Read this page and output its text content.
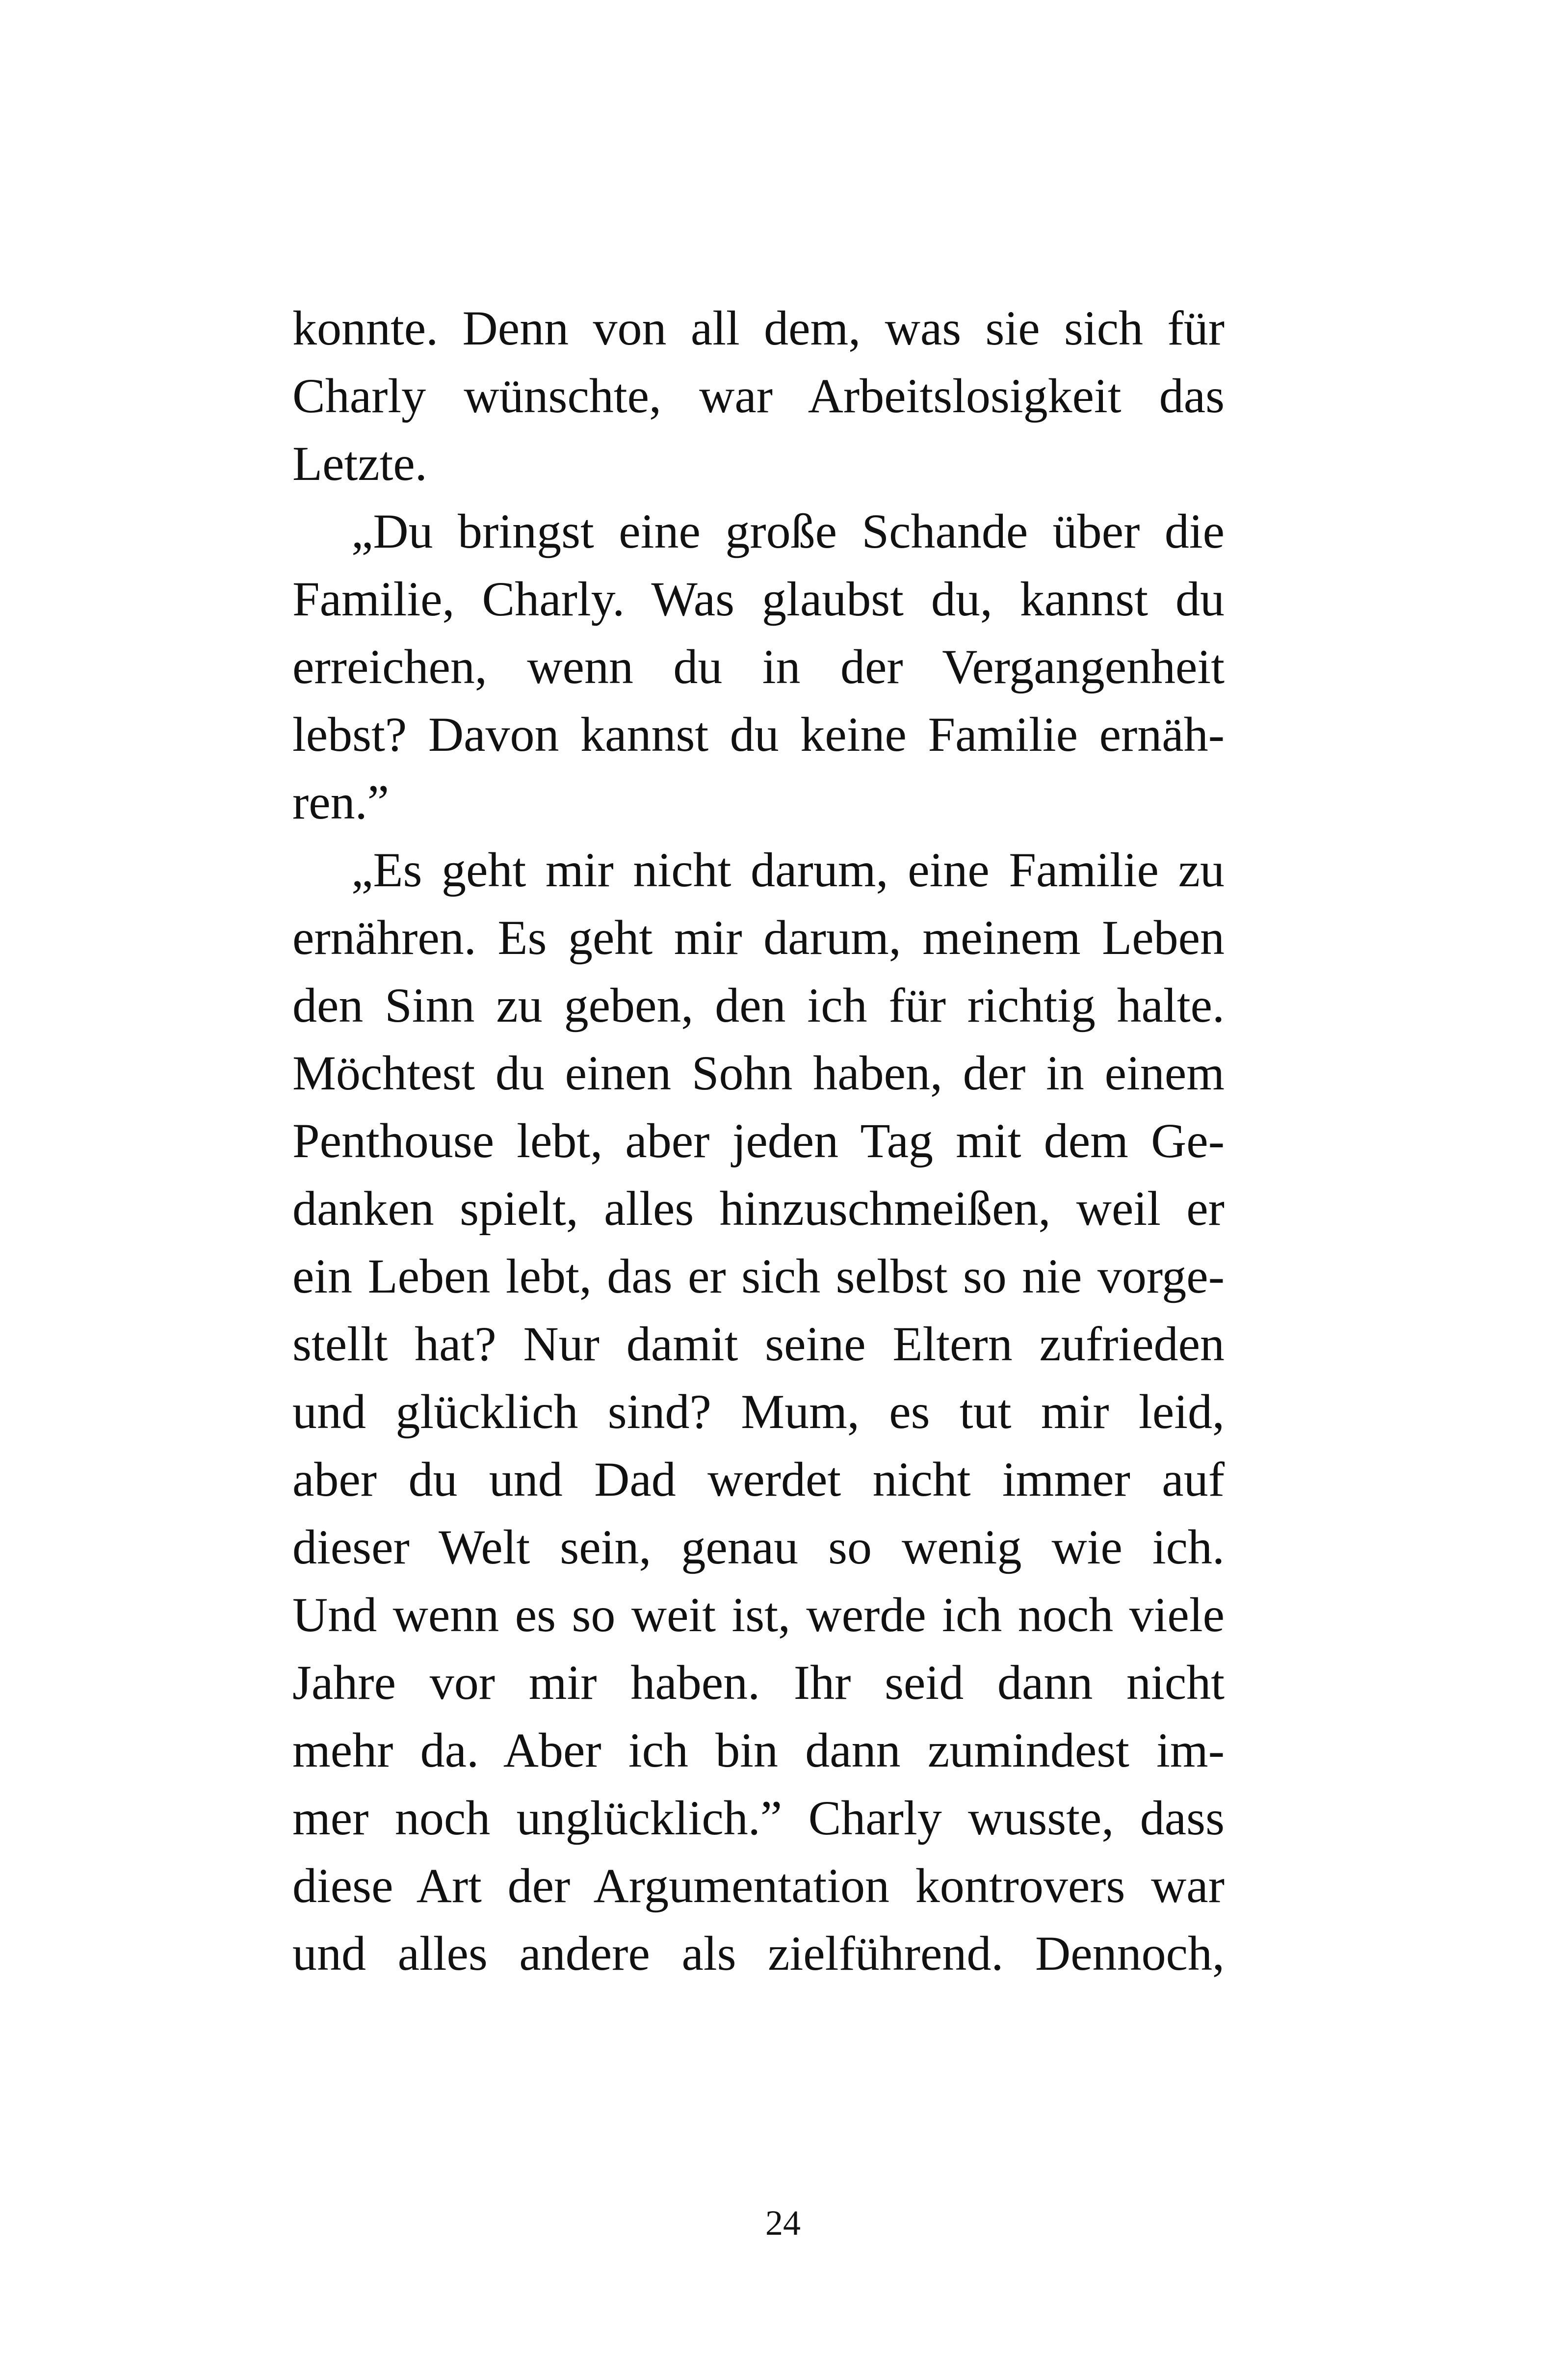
konnte. Denn von all dem, was sie sich für
Charly wünschte, war Arbeitslosigkeit das
Letzte.
„Du bringst eine große Schande über die
Familie, Charly. Was glaubst du, kannst du
erreichen, wenn du in der Vergangenheit
lebst? Davon kannst du keine Familie ernäh-
ren.”
„Es geht mir nicht darum, eine Familie zu
ernähren. Es geht mir darum, meinem Leben
den Sinn zu geben, den ich für richtig halte.
Möchtest du einen Sohn haben, der in einem
Penthouse lebt, aber jeden Tag mit dem Ge-
danken spielt, alles hinzuschmeißen, weil er
ein Leben lebt, das er sich selbst so nie vorge-
stellt hat? Nur damit seine Eltern zufrieden
und glücklich sind? Mum, es tut mir leid,
aber du und Dad werdet nicht immer auf
dieser Welt sein, genau so wenig wie ich.
Und wenn es so weit ist, werde ich noch viele
Jahre vor mir haben. Ihr seid dann nicht
mehr da. Aber ich bin dann zumindest im-
mer noch unglücklich.” Charly wusste, dass
diese Art der Argumentation kontrovers war
und alles andere als zielführend. Dennoch,
24
